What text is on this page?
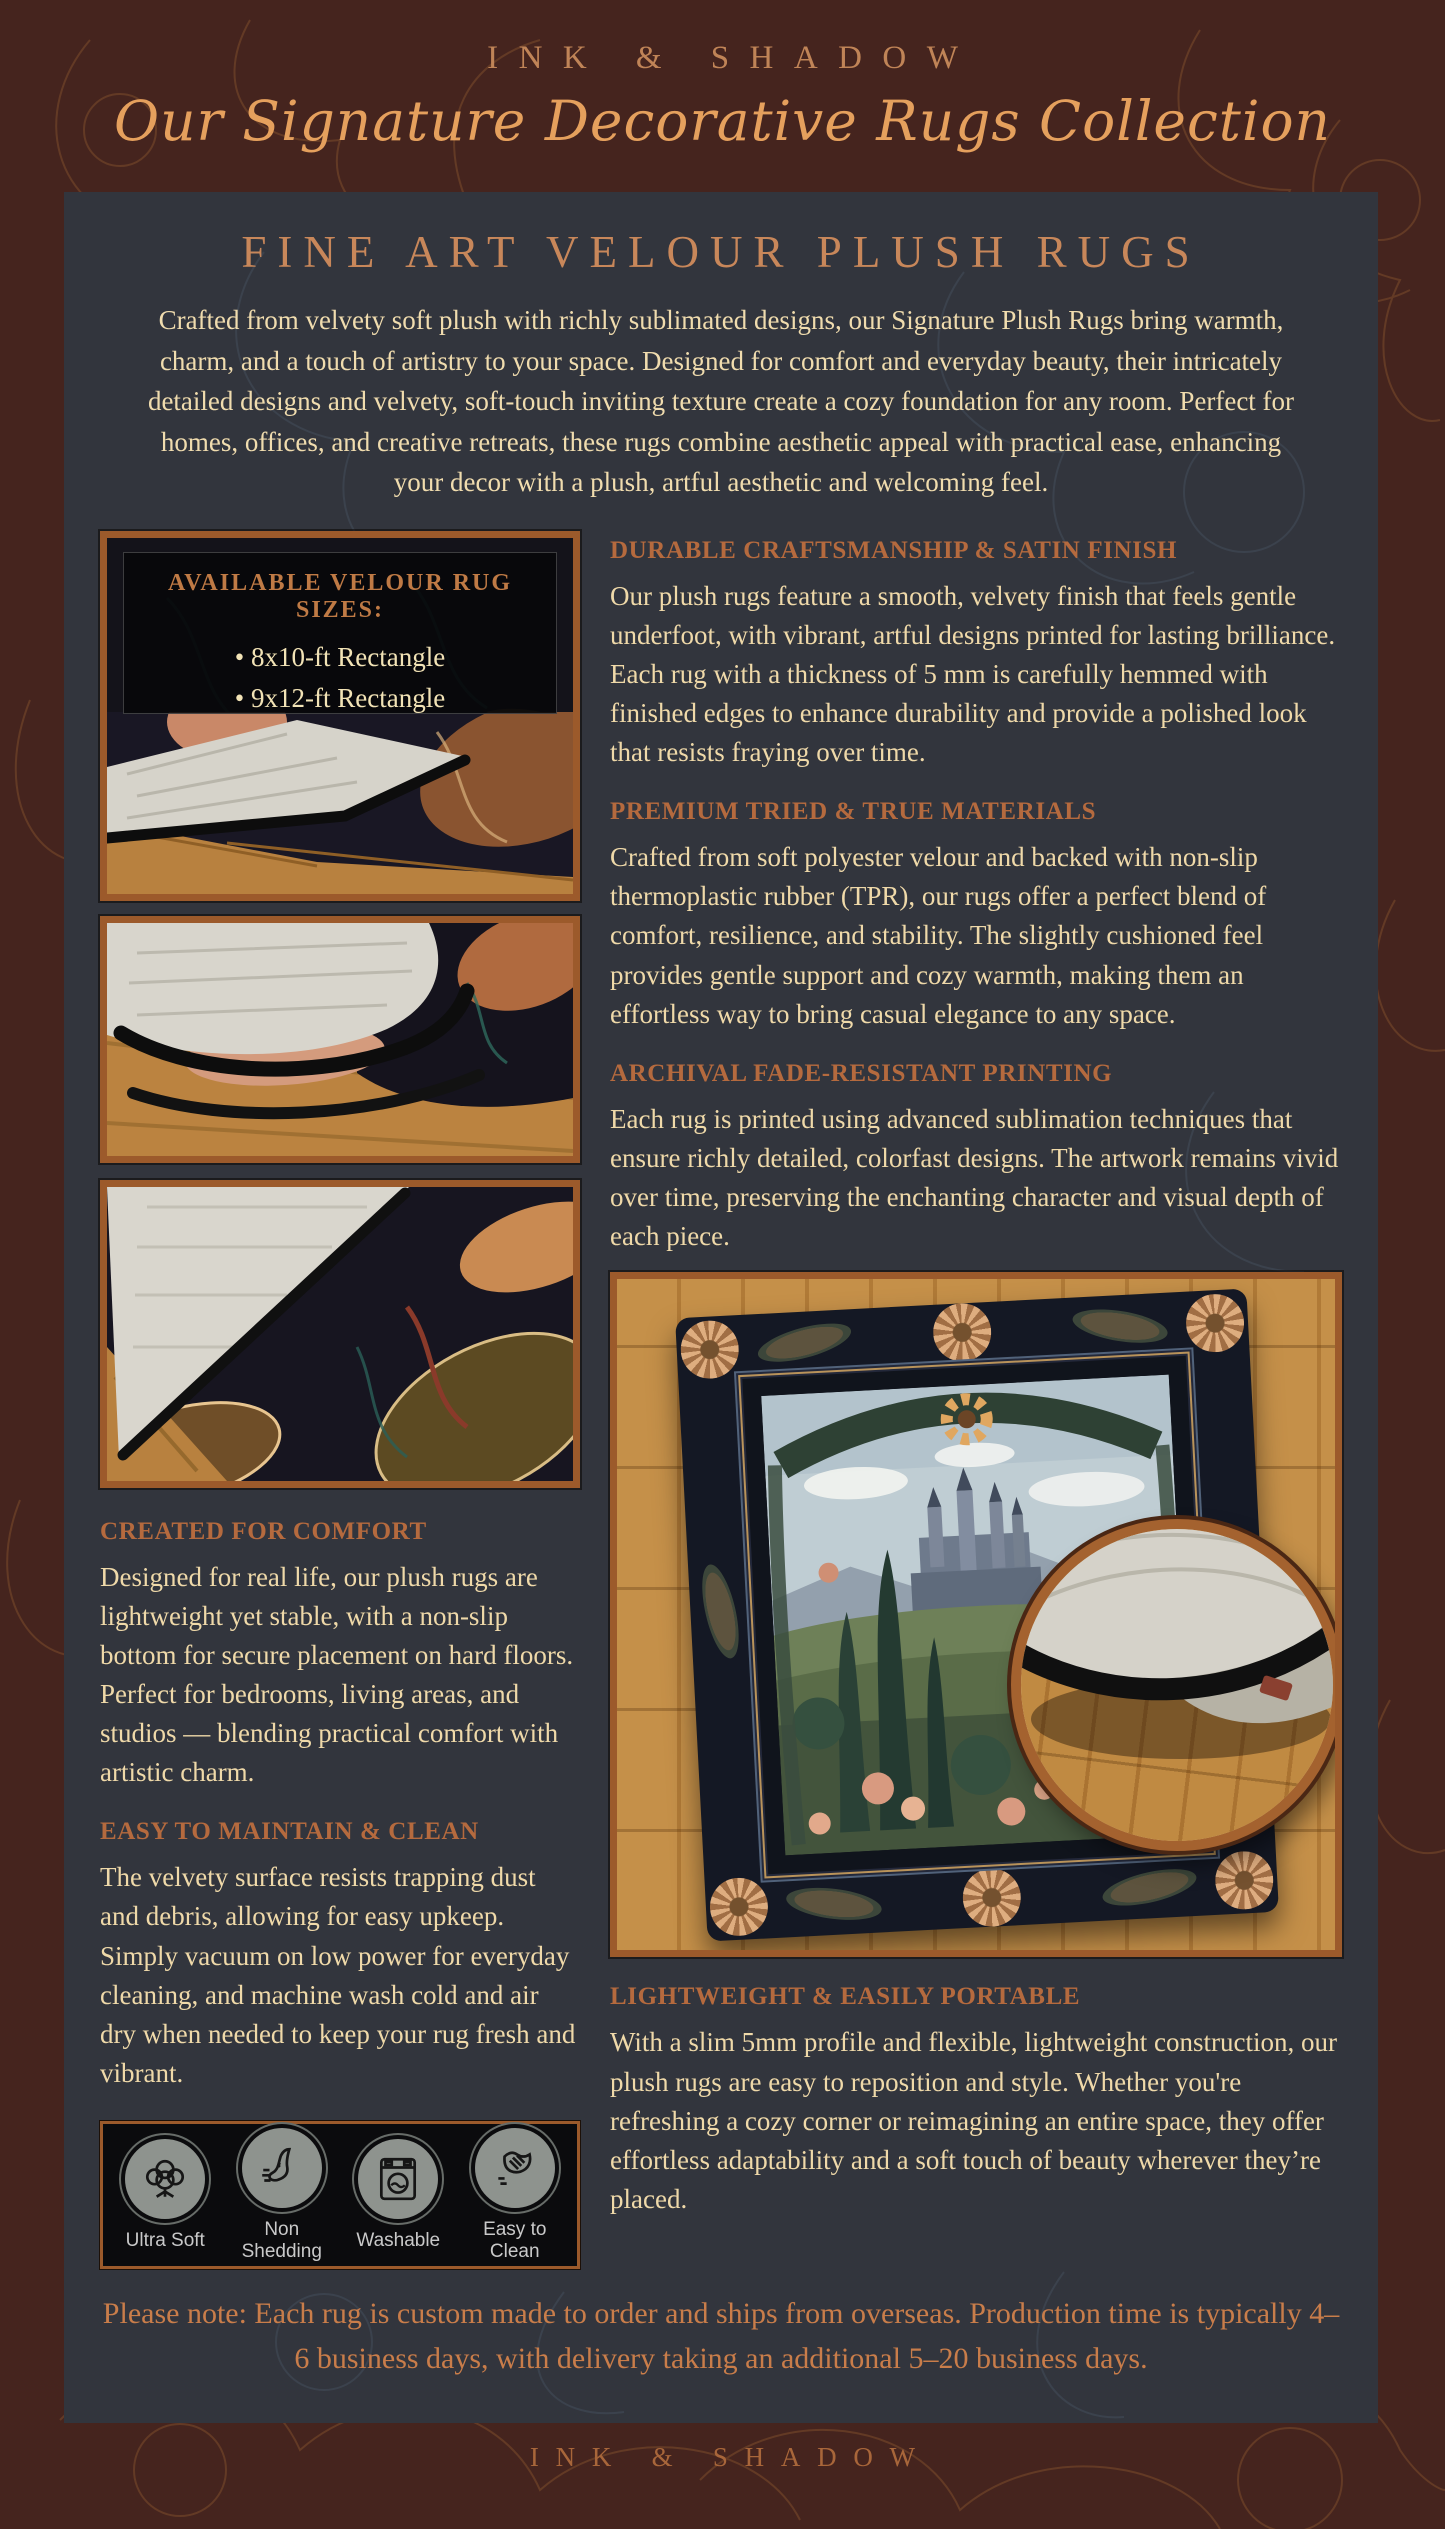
INK & SHADOW
Our Signature Decorative Rugs Collection
FINE ART VELOUR PLUSH RUGS

Crafted from velvety soft plush with richly sublimated designs, our Signature Plush Rugs bring warmth, charm, and a touch of artistry to your space. Designed for comfort and everyday beauty, their intricately detailed designs and velvety, soft-touch inviting texture create a cozy foundation for any room. Perfect for homes, offices, and creative retreats, these rugs combine aesthetic appeal with practical ease, enhancing your decor with a plush, artful aesthetic and welcoming feel.

AVAILABLE VELOUR RUG SIZES:
• 8x10-ft Rectangle
• 9x12-ft Rectangle
CREATED FOR COMFORT

Designed for real life, our plush rugs are lightweight yet stable, with a non-slip bottom for secure placement on hard floors. Perfect for bedrooms, living areas, and studios — blending practical comfort with artistic charm.

EASY TO MAINTAIN & CLEAN

The velvety surface resists trapping dust and debris, allowing for easy upkeep. Simply vacuum on low power for everyday cleaning, and machine wash cold and air dry when needed to keep your rug fresh and vibrant.

Ultra Soft
Non Shedding
Washable
Easy to Clean
DURABLE CRAFTSMANSHIP & SATIN FINISH

Our plush rugs feature a smooth, velvety finish that feels gentle underfoot, with vibrant, artful designs printed for lasting brilliance. Each rug with a thickness of 5 mm is carefully hemmed with finished edges to enhance durability and provide a polished look that resists fraying over time.

PREMIUM TRIED & TRUE MATERIALS

Crafted from soft polyester velour and backed with non-slip thermoplastic rubber (TPR), our rugs offer a perfect blend of comfort, resilience, and stability. The slightly cushioned feel provides gentle support and cozy warmth, making them an effortless way to bring casual elegance to any space.

ARCHIVAL FADE-RESISTANT PRINTING

Each rug is printed using advanced sublimation techniques that ensure richly detailed, colorfast designs. The artwork remains vivid over time, preserving the enchanting character and visual depth of each piece.

LIGHTWEIGHT & EASILY PORTABLE

With a slim 5mm profile and flexible, lightweight construction, our plush rugs are easy to reposition and style. Whether you're refreshing a cozy corner or reimagining an entire space, they offer effortless adaptability and a soft touch of beauty wherever they’re placed.

Please note: Each rug is custom made to order and ships from overseas. Production time is typically 4–6 business days, with delivery taking an additional 5–20 business days.

INK & SHADOW
